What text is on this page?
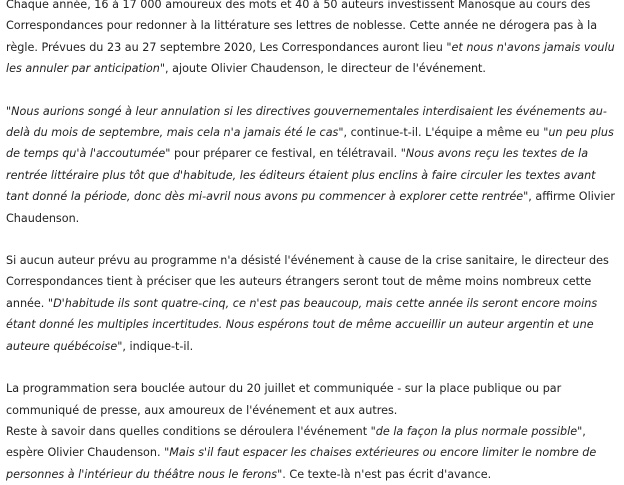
Chaque année, 16 à 17 000 amoureux des mots et 40 à 50 auteurs investissent Manosque au cours des Correspondances pour redonner à la littérature ses lettres de noblesse. Cette année ne dérogera pas à la règle. Prévues du 23 au 27 septembre 2020, Les Correspondances auront lieu "et nous n'avons jamais voulu les annuler par anticipation", ajoute Olivier Chaudenson, le directeur de l'événement.

"Nous aurions songé à leur annulation si les directives gouvernementales interdisaient les événements au-delà du mois de septembre, mais cela n'a jamais été le cas", continue-t-il. L'équipe a même eu "un peu plus de temps qu'à l'accoutumée" pour préparer ce festival, en télétravail. "Nous avons reçu les textes de la rentrée littéraire plus tôt que d'habitude, les éditeurs étaient plus enclins à faire circuler les textes avant tant donné la période, donc dès mi-avril nous avons pu commencer à explorer cette rentrée", affirme Olivier Chaudenson.

Si aucun auteur prévu au programme n'a désisté l'événement à cause de la crise sanitaire, le directeur des Correspondances tient à préciser que les auteurs étrangers seront tout de même moins nombreux cette année. "D'habitude ils sont quatre-cinq, ce n'est pas beaucoup, mais cette année ils seront encore moins étant donné les multiples incertitudes. Nous espérons tout de même accueillir un auteur argentin et une auteure québécoise", indique-t-il.

La programmation sera bouclée autour du 20 juillet et communiquée - sur la place publique ou par communiqué de presse, aux amoureux de l'événement et aux autres.

Reste à savoir dans quelles conditions se déroulera l'événement "de la façon la plus normale possible", espère Olivier Chaudenson. "Mais s'il faut espacer les chaises extérieures ou encore limiter le nombre de personnes à l'intérieur du théâtre nous le ferons". Ce texte-là n'est pas écrit d'avance.
